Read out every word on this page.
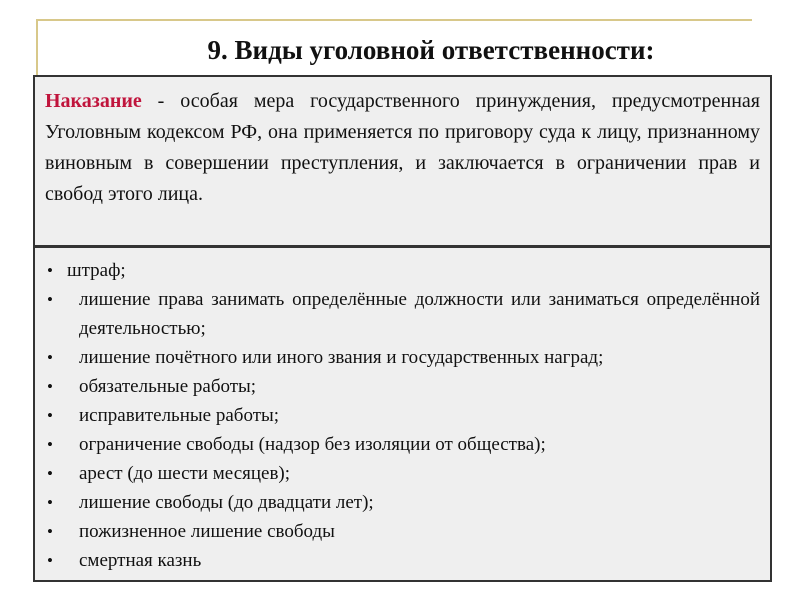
9. Виды уголовной ответственности:

Наказание - особая мера государственного принуждения, предусмотренная Уголовным кодексом РФ, она применяется по приговору суда к лицу, признанному виновным в совершении преступления, и заключается в ограничении прав и свобод этого лица.

• штраф;
• лишение права занимать определённые должности или заниматься определённой деятельностью;
• лишение почётного или иного звания и государственных наград;
• обязательные работы;
• исправительные работы;
• ограничение свободы (надзор без изоляции от общества);
• арест (до шести месяцев);
• лишение свободы (до двадцати лет);
• пожизненное лишение свободы
• смертная казнь
